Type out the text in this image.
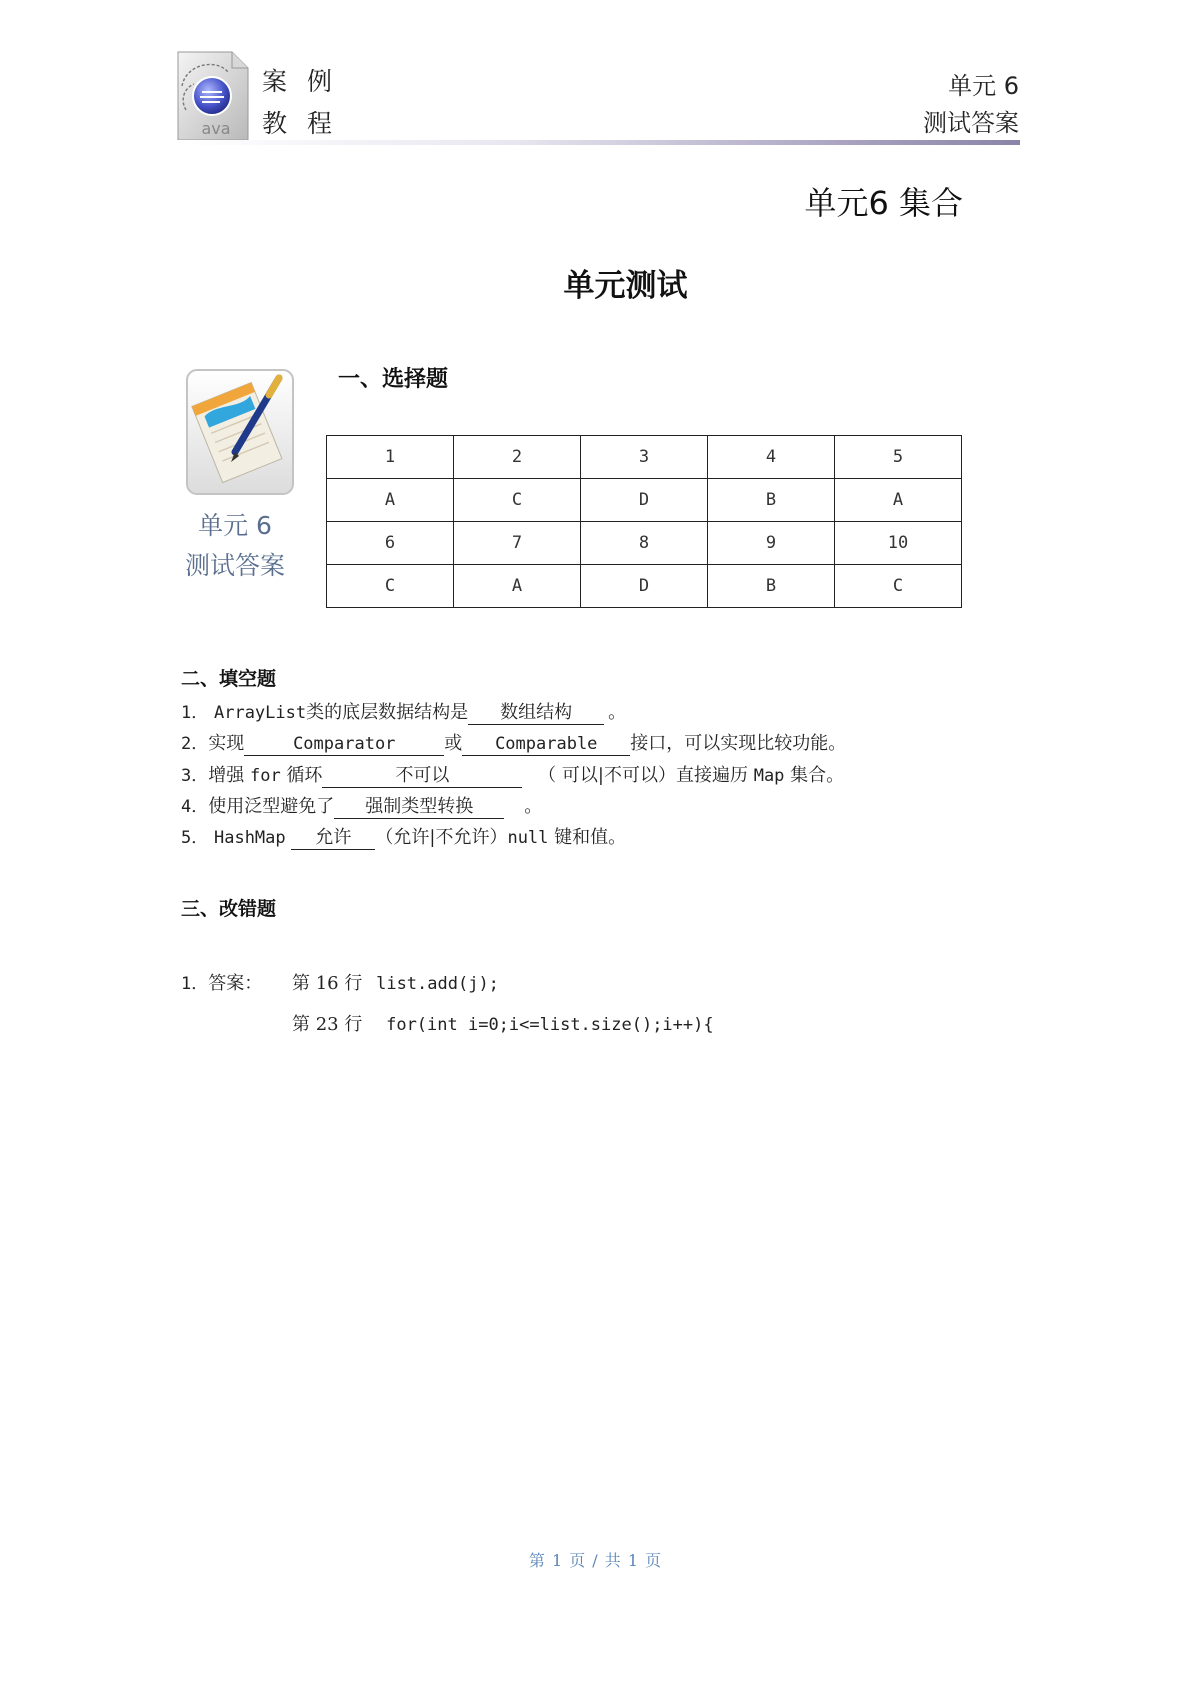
ava
案 例
教 程
单元 6
测试答案
单元6 集合
单元测试
单元 6
测试答案
一、选择题
1	2	3	4	5
A	C	D	B	A
6	7	8	9	10
C	A	D	B	C
二、填空题
1． ArrayList类的底层数据结构是 数组结构 。
2．实现	Comparator	或 Comparable 接口，可以实现比较功能。
3．增强 for 循环	不可以	（ 可以|不可以）直接遍历 Map 集合。
4．使用泛型避免了 强制类型转换	。
5． HashMap 允许 （允许|不允许）null 键和值。
三、改错题
1．答案： 第 16 行 list.add(j);
第 23 行 for(int i=0;i<=list.size();i++){
第 1 页 / 共 1 页
